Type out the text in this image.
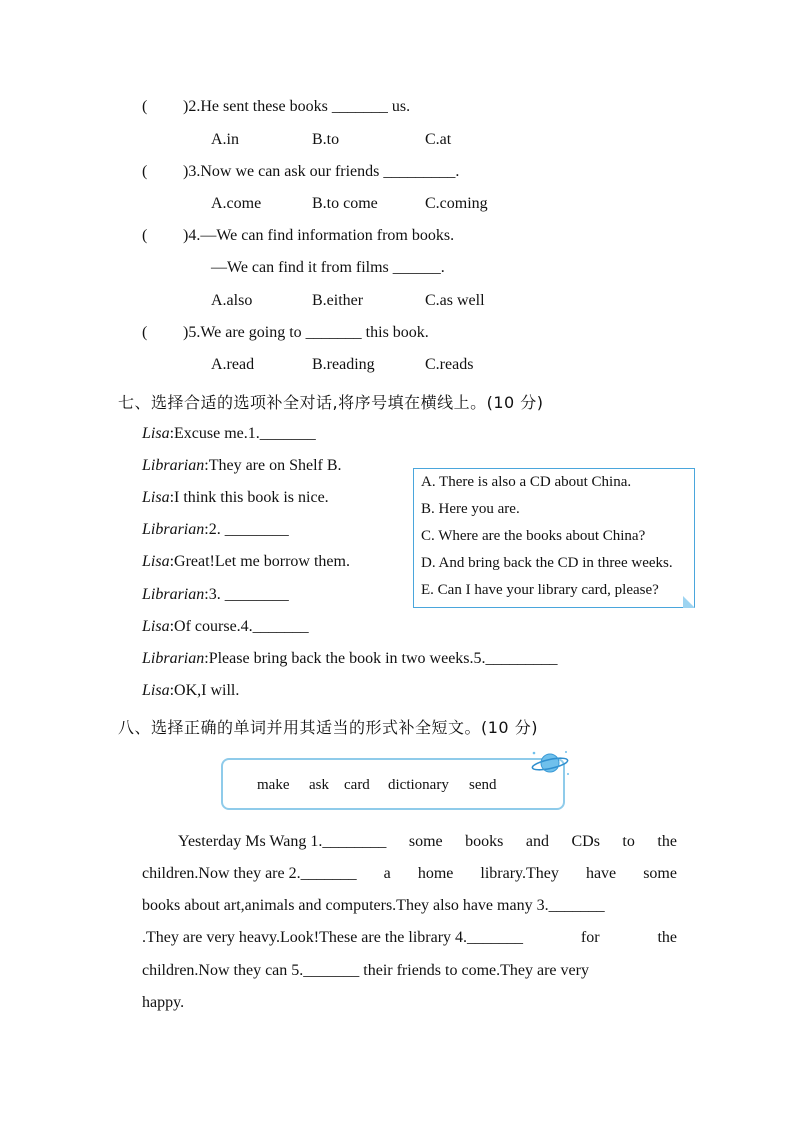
( )2.He sent these books _______ us.
A.in	B.to	C.at
( )3.Now we can ask our friends _________.
A.come	B.to come	C.coming
( )4.—We can find information from books.
—We can find it from films ______.
A.also	B.either	C.as well
( )5.We are going to _______ this book.
A.read	B.reading	C.reads
七、选择合适的选项补全对话,将序号填在横线上。(10 分)
Lisa:Excuse me.1._______
Librarian:They are on Shelf B.
Lisa:I think this book is nice.
Librarian:2. ________
Lisa:Great!Let me borrow them.
Librarian:3. ________
Lisa:Of course.4._______
Librarian:Please bring back the book in two weeks.5._________
Lisa:OK,I will.
A. There is also a CD about China.
B. Here you are.
C. Where are the books about China?
D. And bring back the CD in three weeks.
E. Can I have your library card, please?
八、选择正确的单词并用其适当的形式补全短文。(10 分)
make ask card dictionary send
Yesterday Ms Wang 1.________ some books and CDs to the
children.Now they are 2._______ a home library.They have some
books about art,animals and computers.They also have many 3._______
.They are very heavy.Look!These are the library 4._______	for	the
children.Now they can 5._______ their friends to come.They are very
happy.
